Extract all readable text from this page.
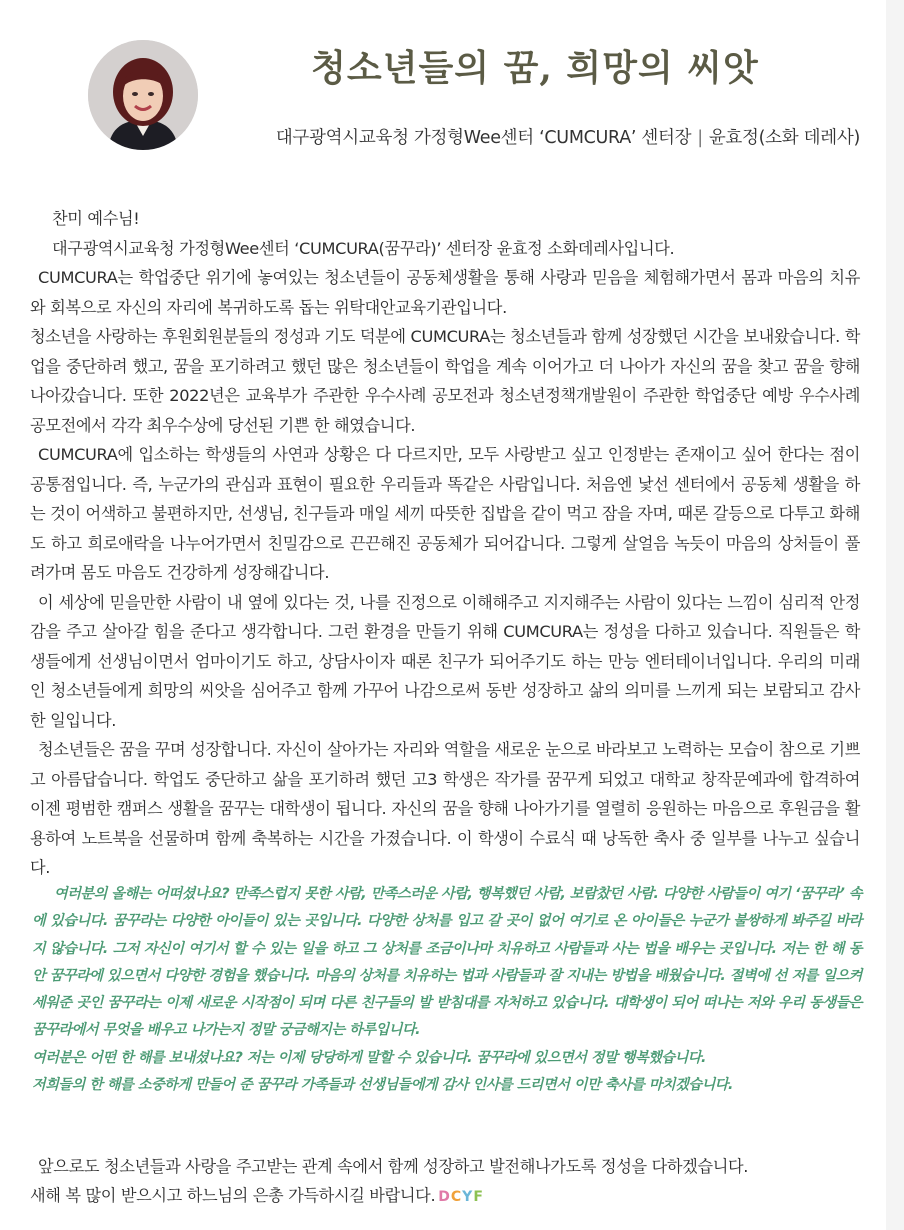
청소년들의 꿈, 희망의 씨앗
대구광역시교육청 가정형Wee센터 ‘CUMCURA’ 센터장 | 윤효정(소화 데레사)

찬미 예수님!

대구광역시교육청 가정형Wee센터 ‘CUMCURA(꿈꾸라)’ 센터장 윤효정 소화데레사입니다.

CUMCURA는 학업중단 위기에 놓여있는 청소년들이 공동체생활을 통해 사랑과 믿음을 체험해가면서 몸과 마음의 치유와 회복으로 자신의 자리에 복귀하도록 돕는 위탁대안교육기관입니다.

청소년을 사랑하는 후원회원분들의 정성과 기도 덕분에 CUMCURA는 청소년들과 함께 성장했던 시간을 보내왔습니다. 학업을 중단하려 했고, 꿈을 포기하려고 했던 많은 청소년들이 학업을 계속 이어가고 더 나아가 자신의 꿈을 찾고 꿈을 향해 나아갔습니다. 또한 2022년은 교육부가 주관한 우수사례 공모전과 청소년정책개발원이 주관한 학업중단 예방 우수사례 공모전에서 각각 최우수상에 당선된 기쁜 한 해였습니다.

CUMCURA에 입소하는 학생들의 사연과 상황은 다 다르지만, 모두 사랑받고 싶고 인정받는 존재이고 싶어 한다는 점이 공통점입니다. 즉, 누군가의 관심과 표현이 필요한 우리들과 똑같은 사람입니다. 처음엔 낯선 센터에서 공동체 생활을 하는 것이 어색하고 불편하지만, 선생님, 친구들과 매일 세끼 따뜻한 집밥을 같이 먹고 잠을 자며, 때론 갈등으로 다투고 화해도 하고 희로애락을 나누어가면서 친밀감으로 끈끈해진 공동체가 되어갑니다. 그렇게 살얼음 녹듯이 마음의 상처들이 풀려가며 몸도 마음도 건강하게 성장해갑니다.

이 세상에 믿을만한 사람이 내 옆에 있다는 것, 나를 진정으로 이해해주고 지지해주는 사람이 있다는 느낌이 심리적 안정감을 주고 살아갈 힘을 준다고 생각합니다. 그런 환경을 만들기 위해 CUMCURA는 정성을 다하고 있습니다. 직원들은 학생들에게 선생님이면서 엄마이기도 하고, 상담사이자 때론 친구가 되어주기도 하는 만능 엔터테이너입니다. 우리의 미래인 청소년들에게 희망의 씨앗을 심어주고 함께 가꾸어 나감으로써 동반 성장하고 삶의 의미를 느끼게 되는 보람되고 감사한 일입니다.

청소년들은 꿈을 꾸며 성장합니다. 자신이 살아가는 자리와 역할을 새로운 눈으로 바라보고 노력하는 모습이 참으로 기쁘고 아름답습니다. 학업도 중단하고 삶을 포기하려 했던 고3 학생은 작가를 꿈꾸게 되었고 대학교 창작문예과에 합격하여 이젠 평범한 캠퍼스 생활을 꿈꾸는 대학생이 됩니다. 자신의 꿈을 향해 나아가기를 열렬히 응원하는 마음으로 후원금을 활용하여 노트북을 선물하며 함께 축복하는 시간을 가졌습니다. 이 학생이 수료식 때 낭독한 축사 중 일부를 나누고 싶습니다.

여러분의 올해는 어떠셨나요? 만족스럽지 못한 사람, 만족스러운 사람, 행복했던 사람, 보람찼던 사람. 다양한 사람들이 여기 ‘꿈꾸라’ 속에 있습니다. 꿈꾸라는 다양한 아이들이 있는 곳입니다. 다양한 상처를 입고 갈 곳이 없어 여기로 온 아이들은 누군가 불쌍하게 봐주길 바라지 않습니다. 그저 자신이 여기서 할 수 있는 일을 하고 그 상처를 조금이나마 치유하고 사람들과 사는 법을 배우는 곳입니다. 저는 한 해 동안 꿈꾸라에 있으면서 다양한 경험을 했습니다. 마음의 상처를 치유하는 법과 사람들과 잘 지내는 방법을 배웠습니다. 절벽에 선 저를 일으켜 세워준 곳인 꿈꾸라는 이제 새로운 시작점이 되며 다른 친구들의 발 받침대를 자처하고 있습니다. 대학생이 되어 떠나는 저와 우리 동생들은 꿈꾸라에서 무엇을 배우고 나가는지 정말 궁금해지는 하루입니다.

여러분은 어떤 한 해를 보내셨나요? 저는 이제 당당하게 말할 수 있습니다. 꿈꾸라에 있으면서 정말 행복했습니다.

저희들의 한 해를 소중하게 만들어 준 꿈꾸라 가족들과 선생님들에게 감사 인사를 드리면서 이만 축사를 마치겠습니다.

앞으로도 청소년들과 사랑을 주고받는 관계 속에서 함께 성장하고 발전해나가도록 정성을 다하겠습니다.

새해 복 많이 받으시고 하느님의 은총 가득하시길 바랍니다. DCYF
